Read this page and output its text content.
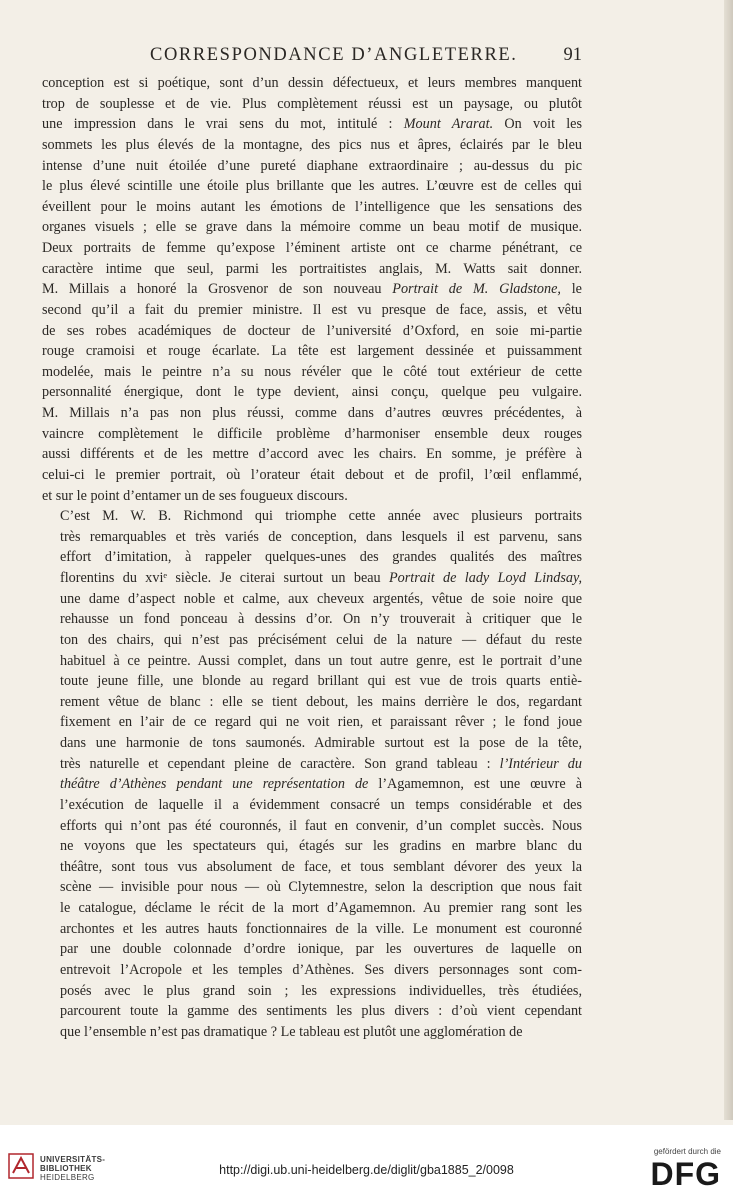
CORRESPONDANCE D’ANGLETERRE. 91

conception est si poétique, sont d’un dessin défectueux, et leurs membres manquent
trop de souplesse et de vie. Plus complètement réussi est un paysage, ou plutôt
une impression dans le vrai sens du mot, intitulé : Mount Ararat. On voit les
sommets les plus élevés de la montagne, des pics nus et âpres, éclairés par le bleu
intense d’une nuit étoilée d’une pureté diaphane extraordinaire ; au-dessus du pic
le plus élevé scintille une étoile plus brillante que les autres. L’œuvre est de celles qui
éveillent pour le moins autant les émotions de l’intelligence que les sensations des
organes visuels ; elle se grave dans la mémoire comme un beau motif de musique.
Deux portraits de femme qu’expose l’éminent artiste ont ce charme pénétrant, ce
caractère intime que seul, parmi les portraitistes anglais, M. Watts sait donner.
M. Millais a honoré la Grosvenor de son nouveau Portrait de M. Gladstone, le
second qu’il a fait du premier ministre. Il est vu presque de face, assis, et vêtu
de ses robes académiques de docteur de l’université d’Oxford, en soie mi-partie
rouge cramoisi et rouge écarlate. La tête est largement dessinée et puissamment
modelée, mais le peintre n’a su nous révéler que le côté tout extérieur de cette
personnalité énergique, dont le type devient, ainsi conçu, quelque peu vulgaire.
M. Millais n’a pas non plus réussi, comme dans d’autres œuvres précédentes, à
vaincre complètement le difficile problème d’harmoniser ensemble deux rouges
aussi différents et de les mettre d’accord avec les chairs. En somme, je préfère à
celui-ci le premier portrait, où l’orateur était debout et de profil, l’œil enflammé,
et sur le point d’entamer un de ses fougueux discours.

C’est M. W. B. Richmond qui triomphe cette année avec plusieurs portraits
très remarquables et très variés de conception, dans lesquels il est parvenu, sans
effort d’imitation, à rappeler quelques-unes des grandes qualités des maîtres
florentins du xviᵉ siècle. Je citerai surtout un beau Portrait de lady Loyd Lindsay,
une dame d’aspect noble et calme, aux cheveux argentés, vêtue de soie noire que
rehausse un fond ponceau à dessins d’or. On n’y trouverait à critiquer que le
ton des chairs, qui n’est pas précisément celui de la nature — défaut du reste
habituel à ce peintre. Aussi complet, dans un tout autre genre, est le portrait d’une
toute jeune fille, une blonde au regard brillant qui est vue de trois quarts entiè-
rement vêtue de blanc : elle se tient debout, les mains derrière le dos, regardant
fixement en l’air de ce regard qui ne voit rien, et paraissant rêver ; le fond joue
dans une harmonie de tons saumonés. Admirable surtout est la pose de la tête,
très naturelle et cependant pleine de caractère. Son grand tableau : l’Intérieur du
théâtre d’Athènes pendant une représentation de l’Agamemnon, est une œuvre à
l’exécution de laquelle il a évidemment consacré un temps considérable et des
efforts qui n’ont pas été couronnés, il faut en convenir, d’un complet succès. Nous
ne voyons que les spectateurs qui, étagés sur les gradins en marbre blanc du
théâtre, sont tous vus absolument de face, et tous semblant dévorer des yeux la
scène — invisible pour nous — où Clytemnestre, selon la description que nous fait
le catalogue, déclame le récit de la mort d’Agamemnon. Au premier rang sont les
archontes et les autres hauts fonctionnaires de la ville. Le monument est couronné
par une double colonnade d’ordre ionique, par les ouvertures de laquelle on
entrevoit l’Acropole et les temples d’Athènes. Ses divers personnages sont com-
posés avec le plus grand soin ; les expressions individuelles, très étudiées,
parcourent toute la gamme des sentiments les plus divers : d’où vient cependant
que l’ensemble n’est pas dramatique ? Le tableau est plutôt une agglomération de

UNIVERSITÄTS-
BIBLIOTHEK
HEIDELBERG
http://digi.ub.uni-heidelberg.de/diglit/gba1885_2/0098
gefördert durch die
DFG
